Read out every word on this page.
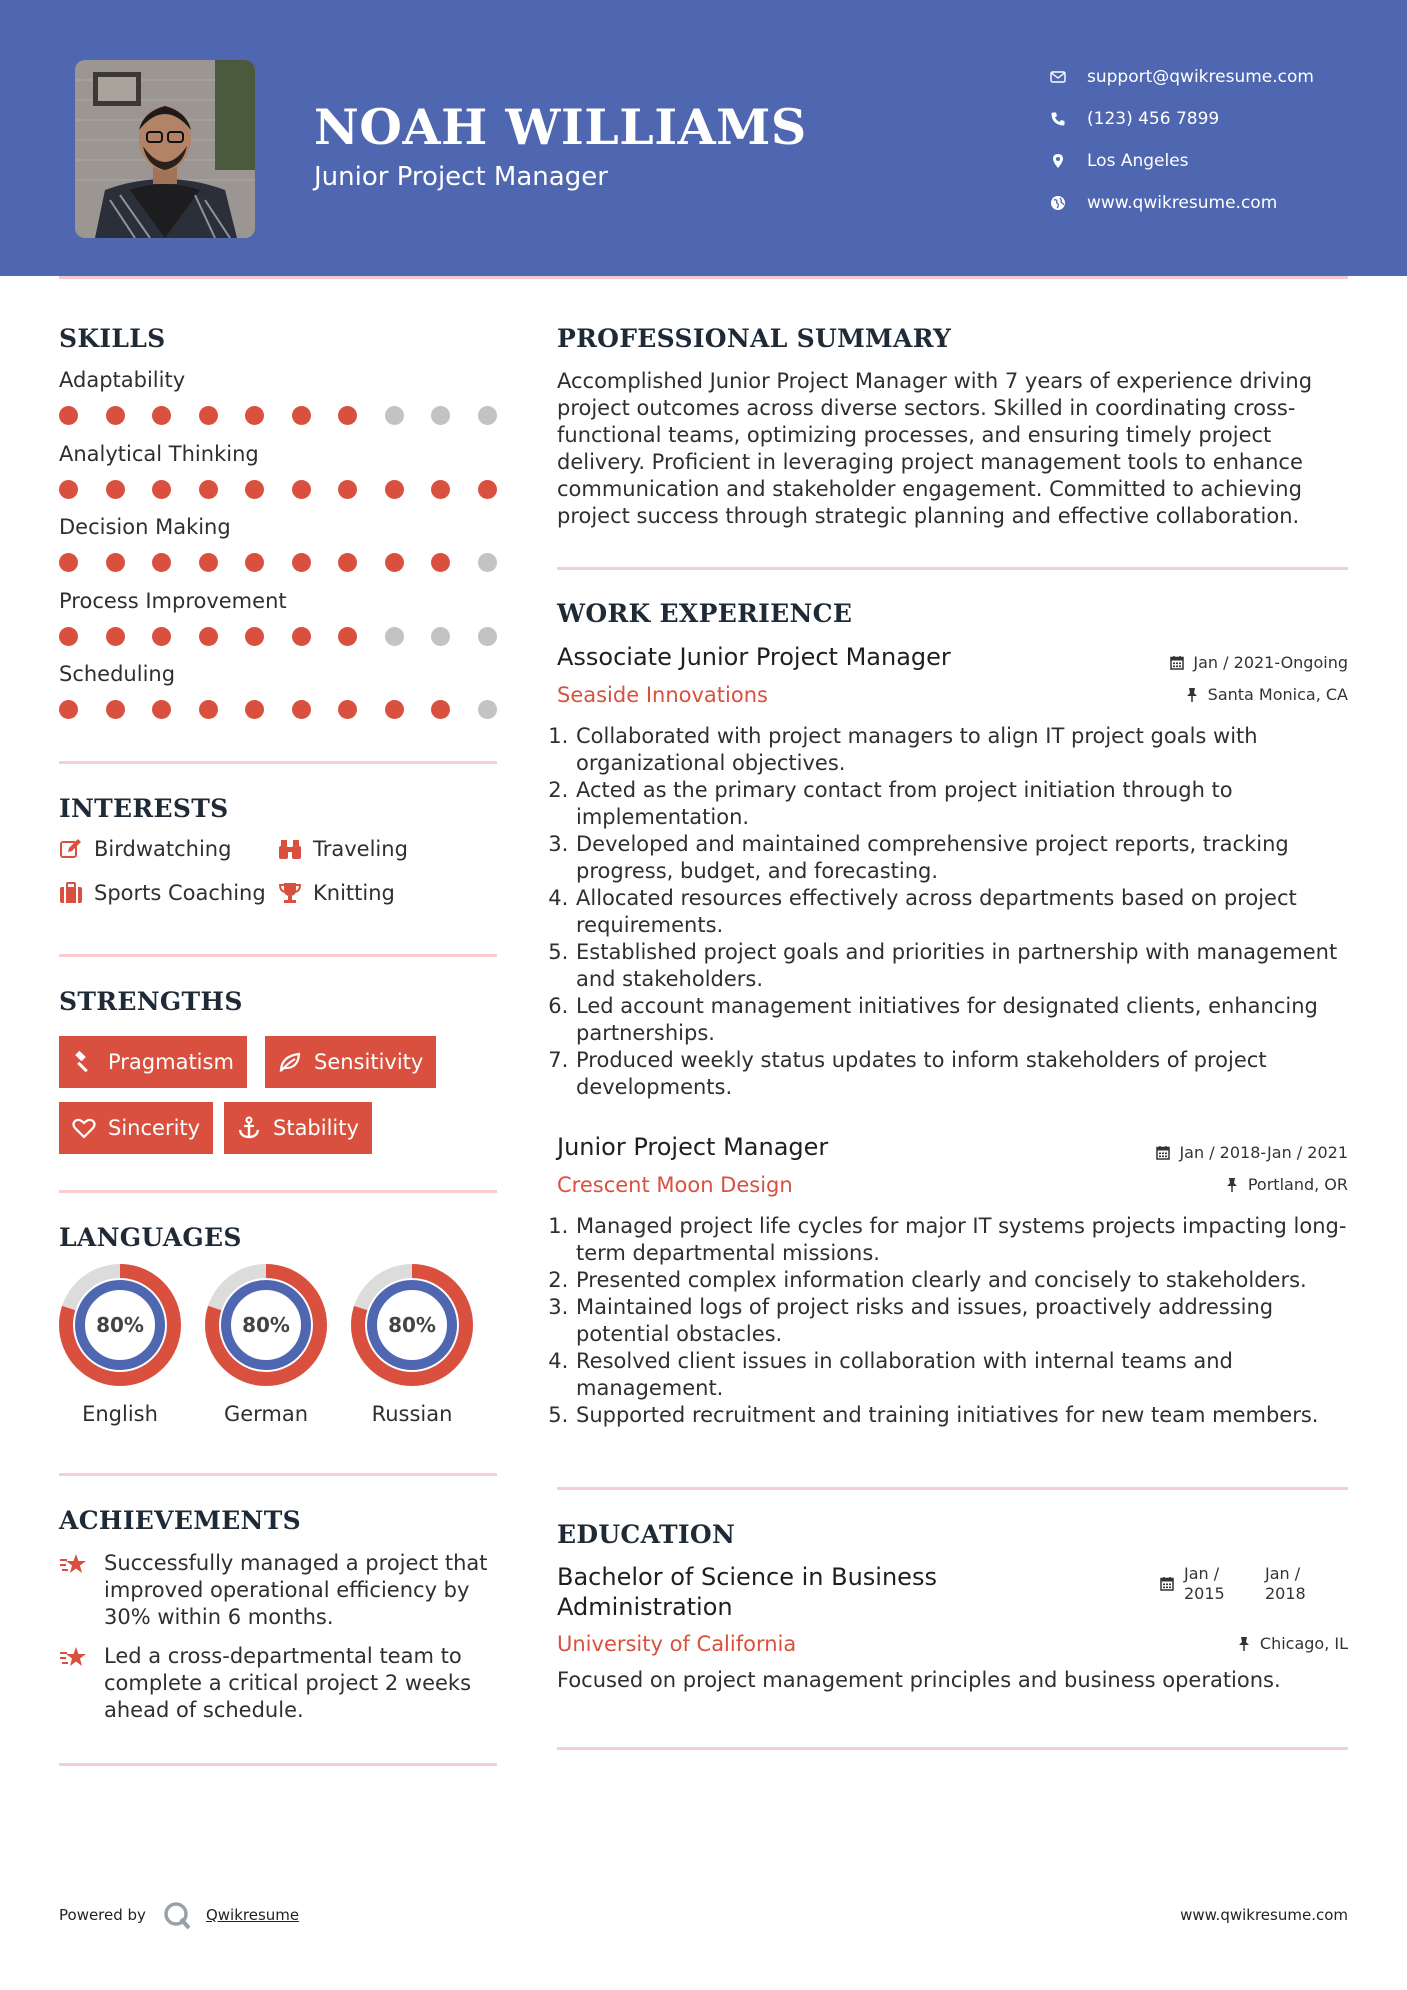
NOAH WILLIAMS
Junior Project Manager
support@qwikresume.com
(123) 456 7899
Los Angeles
www.qwikresume.com
SKILLS
Adaptability
Analytical Thinking
Decision Making
Process Improvement
Scheduling
INTERESTS
Birdwatching	Traveling
Sports Coaching Knitting
STRENGTHS
Pragmatism	Sensitivity
Sincerity	Stability
LANGUAGES
80%
English
80%
German
80%
Russian
ACHIEVEMENTS
Successfully managed a project that improved operational efficiency by 30% within 6 months.
Led a cross-departmental team to complete a critical project 2 weeks ahead of schedule.
PROFESSIONAL SUMMARY
Accomplished Junior Project Manager with 7 years of experience driving project outcomes across diverse sectors. Skilled in coordinating cross-functional teams, optimizing processes, and ensuring timely project delivery. Proficient in leveraging project management tools to enhance communication and stakeholder engagement. Committed to achieving project success through strategic planning and effective collaboration.
WORK EXPERIENCE
Associate Junior Project Manager	Jan / 2021-Ongoing
Seaside Innovations	Santa Monica, CA
1. Collaborated with project managers to align IT project goals with organizational objectives.
2. Acted as the primary contact from project initiation through to implementation.
3. Developed and maintained comprehensive project reports, tracking progress, budget, and forecasting.
4. Allocated resources effectively across departments based on project requirements.
5. Established project goals and priorities in partnership with management and stakeholders.
6. Led account management initiatives for designated clients, enhancing partnerships.
7. Produced weekly status updates to inform stakeholders of project developments.
Junior Project Manager	Jan / 2018-Jan / 2021
Crescent Moon Design	Portland, OR
1. Managed project life cycles for major IT systems projects impacting long-term departmental missions.
2. Presented complex information clearly and concisely to stakeholders.
3. Maintained logs of project risks and issues, proactively addressing potential obstacles.
4. Resolved client issues in collaboration with internal teams and management.
5. Supported recruitment and training initiatives for new team members.
EDUCATION
Bachelor of Science in Business
Administration
Jan /
2015
Jan /
2018
University of California	Chicago, IL
Focused on project management principles and business operations.
Powered by	Qwikresume	www.qwikresume.com
